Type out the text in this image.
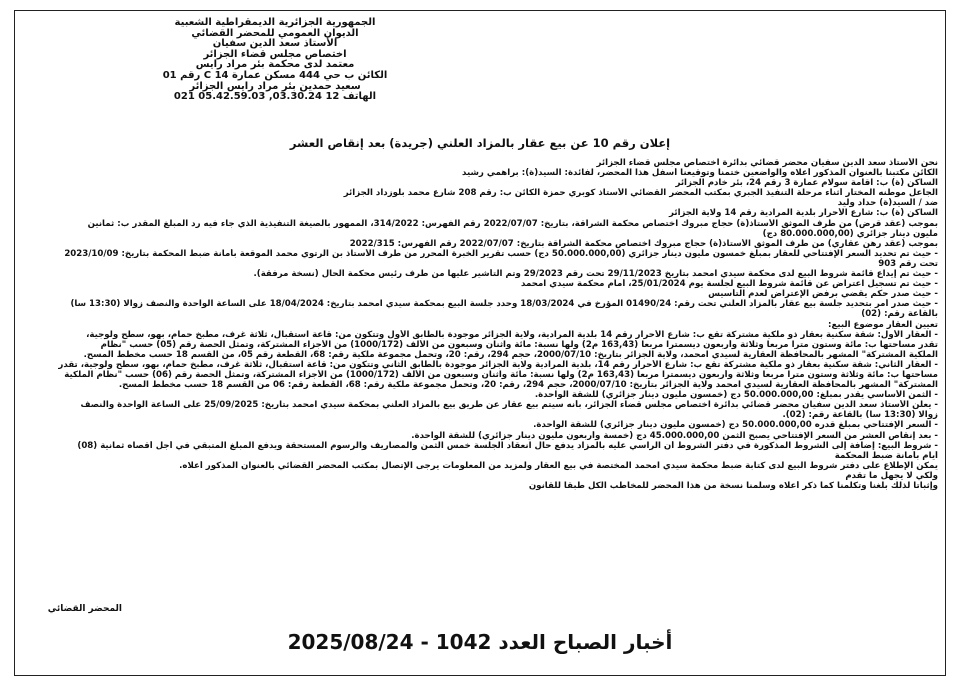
الجمهورية الجزائرية الديمقراطية الشعبية
الديوان العمومي للمحضر القضائي
الأستاذ سعد الدين سفيان
اختصاص مجلس قضاء الجزائر
معتمد لدى محكمة بئر مراد رايس
الكائن ب حي 444 مسكن عمارة 14 C رقم 01
سعيد حمدين بئر مراد رايس الجزائر
الهاتف 12 03.30.24, 05.42.59.03 021
إعلان رقم 10 عن بيع عقار بالمزاد العلني (جريدة) بعد إنقاص العشر

نحن الأستاذ سعد الدين سفيان محضر قضائي بدائرة اختصاص مجلس قضاء الجزائر

الكائن مكتبنا بالعنوان المذكور أعلاه والواضعين ختمنا وتوقيعنا أسفل هذا المحضر، لفائدة: السيد(ة): براهمي رشيد

الساكن (ة) ب: اقامة سولام عمارة 3 رقم 24، بئر خادم الجزائر

الجاعل موطنه المختار أثناء مرحلة التنفيذ الجبري بمكتب المحضر القضائي الأستاذ كوبري حمزة الكائن ب: رقم 208 شارع محمد بلوزداد الجزائر

ضد / السيد(ة) حداد وليد

الساكن (ة) ب: شارع الأحرار بلدية المرادية رقم 14 ولاية الجزائر

بموجب (عقد قرض) من طرف الموثق الأستاذ(ة) حجاج مبروك اختصاص محكمة الشراقة، بتاريخ: 2022/07/07 رقم الفهرس: 314/2022، الممهور بالصيغة التنفيذية الذي جاء فيه رد المبلغ المقدر ب: ثمانين

مليون دينار جزائري (80.000.000,00 دج)

بموجب (عقد رهن عقاري) من طرف الموثق الأستاذ(ة) حجاج مبروك اختصاص محكمة الشراقة بتاريخ: 2022/07/07 رقم الفهرس: 2022/315

- حيث تم تحديد السعر الإفتتاحي للعقار بمبلغ خمسون مليون دينار جزائري (50.000.000,00 دج) حسب تقرير الخبرة المحرر من طرف الأستاذ بن الرتوي محمد الموقعة بأمانة ضبط المحكمة بتاريخ: 2023/10/09

تحت رقم 903

- حيث تم إيداع قائمة شروط البيع لدى محكمة سيدي امحمد بتاريخ 29/11/2023 تحت رقم 29/2023 وتم التأشير عليها من طرف رئيس محكمة الحال (نسخة مرفقة).

- حيث تم تسجيل اعتراض عن قائمة شروط البيع لجلسة يوم 25/01/2024، أمام محكمة سيدي امحمد

- حيث صدر حكم يقضي برفض الإعتراض لعدم التأسيس

- حيث صدر أمر بتحديد جلسة بيع عقار بالمزاد العلني تحت رقم: 01490/24 المؤرخ في 18/03/2024 وحدد جلسة البيع بمحكمة سيدي امحمد بتاريخ: 18/04/2024 على الساعة الواحدة والنصف زوالا (13:30 سا)

بالقاعة رقم: (02)

تعيين العقار موضوع البيع:

- العقار الأول: شقة سكنية بعقار ذو ملكية مشتركة تقع ب: شارع الأحرار رقم 14 بلدية المرادية، ولاية الجزائر موجودة بالطابق الأول وتتكون من: قاعة استقبال، ثلاثة غرف، مطبخ حمام، بهو، سطح ولوجية،

تقدر مساحتها ب: مائة وستون مترا مربعا وثلاثة وأربعون ديسمترا مربعا (163,43 م2) ولها نسبة: مائة واثنان وسبعون من الألف (1000/172) من الأجزاء المشتركة، وتمثل الحصة رقم (05) حسب "نظام

الملكية المشتركة" المشهر بالمحافظة العقارية لسيدي امحمد، ولاية الجزائر بتاريخ: 2000/07/10، حجم 294، رقم: 20، وتحمل مجموعة ملكية رقم: 68، القطعة رقم 05، من القسم 18 حسب مخطط المسح.

- العقار الثاني: شقة سكنية بعقار ذو ملكية مشتركة تقع ب: شارع الأحرار رقم 14، بلدية المرادية ولاية الجزائر موجودة بالطابق الثاني وتتكون من: قاعة استقبال، ثلاثة غرف، مطبخ حمام، بهو، سطح ولوجية، تقدر

مساحتها ب: مائة وثلاثة وستون مترا مربعا وثلاثة وأربعون ديسمترا مربعا (163,43 م2) ولها نسبة: مائة واثنان وسبعون من الألف (1000/172) من الأجزاء المشتركة، وتمثل الحصة رقم (06) حسب "نظام الملكية

المشتركة" المشهر بالمحافظة العقارية لسيدي امحمد ولاية الجزائر بتاريخ: 2000/07/10، حجم 294، رقم: 20، وتحمل مجموعة ملكية رقم: 68، القطعة رقم: 06 من القسم 18 حسب مخطط المسح.

- الثمن الأساسي يقدر بمبلغ: 50.000.000,00 دج (خمسون مليون دينار جزائري) للشقة الواحدة.

- يعلن الأستاذ سعد الدين سفيان محضر قضائي بدائرة اختصاص مجلس قضاء الجزائر، بأنه سيتم بيع عقار عن طريق بيع بالمزاد العلني بمحكمة سيدي امحمد بتاريخ: 25/09/2025 على الساعة الواحدة والنصف

زوالا (13:30 سا) بالقاعة رقم: (02).

- السعر الإفتتاحي بمبلغ قدره 50.000.000,00 دج (خمسون مليون دينار جزائري) للشقة الواحدة.

- بعد إنقاص العشر من السعر الإفتتاحي يصبح الثمن 45.000.000,00 دج (خمسة وأربعون مليون دينار جزائري) للشقة الواحدة.

- شروط البيع: إضافة إلى الشروط المذكورة في دفتر الشروط أن الراسي عليه بالمزاد يدفع حال انعقاد الجلسة خمس الثمن والمصاريف والرسوم المستحقة ويدفع المبلغ المتبقي في أجل أقصاه ثمانية (08)

أيام بأمانة ضبط المحكمة

يمكن الإطلاع على دفتر شروط البيع لدى كتابة ضبط محكمة سيدي امحمد المختصة في بيع العقار ولمزيد من المعلومات يرجى الإتصال بمكتب المحضر القضائي بالعنوان المذكور أعلاه.

ولكي لا يجهل ما تقدم

وإثباتا لذلك بلغنا وتكلمنا كما ذكر أعلاه وسلمنا نسخة من هذا المحضر للمخاطب الكل طبقا للقانون

المحضر القضائي
أخبار الصباح العدد 1042 - 2025/08/24
